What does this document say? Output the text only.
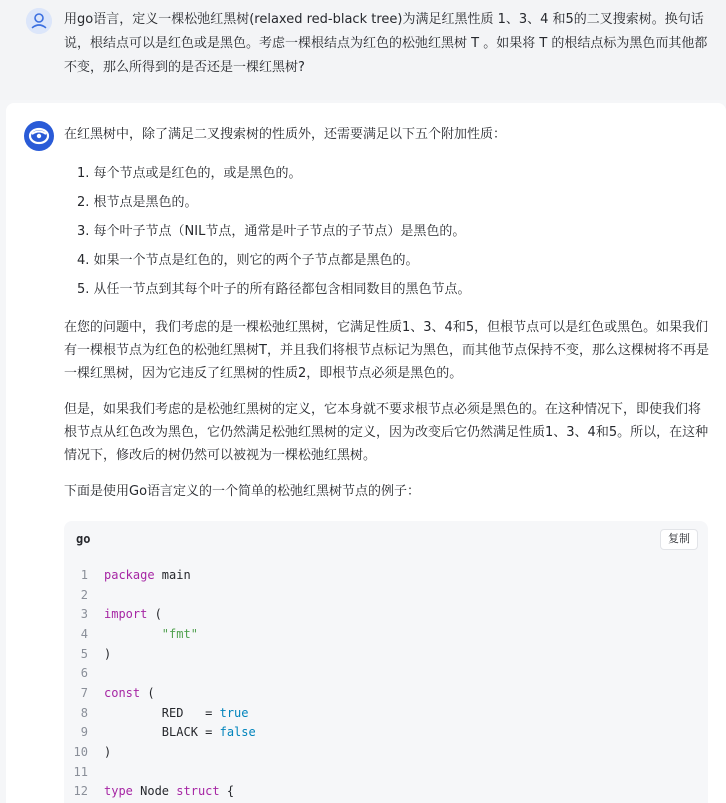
用go语言，定义一棵松弛红黑树(relaxed red-black tree)为满足红黑性质 1、3、4 和5的二叉搜索树。换句话说，根结点可以是红色或是黑色。考虑一棵根结点为红色的松弛红黑树 T 。如果将 T 的根结点标为黑色而其他都不变，那么所得到的是否还是一棵红黑树?

在红黑树中，除了满足二叉搜索树的性质外，还需要满足以下五个附加性质：

1. 每个节点或是红色的，或是黑色的。
2. 根节点是黑色的。
3. 每个叶子节点（NIL节点，通常是叶子节点的子节点）是黑色的。
4. 如果一个节点是红色的，则它的两个子节点都是黑色的。
5. 从任一节点到其每个叶子的所有路径都包含相同数目的黑色节点。

在您的问题中，我们考虑的是一棵松弛红黑树，它满足性质1、3、4和5，但根节点可以是红色或黑色。如果我们有一棵根节点为红色的松弛红黑树T，并且我们将根节点标记为黑色，而其他节点保持不变，那么这棵树将不再是一棵红黑树，因为它违反了红黑树的性质2，即根节点必须是黑色的。

但是，如果我们考虑的是松弛红黑树的定义，它本身就不要求根节点必须是黑色的。在这种情况下，即使我们将根节点从红色改为黑色，它仍然满足松弛红黑树的定义，因为改变后它仍然满足性质1、3、4和5。所以，在这种情况下，修改后的树仍然可以被视为一棵松弛红黑树。

下面是使用Go语言定义的一个简单的松弛红黑树节点的例子：

go	复制
1	package main
2
3	import (
4	"fmt"
5	)
6
7	const (
8	RED   = true
9	BLACK = false
10	)
11
12	type Node struct {
